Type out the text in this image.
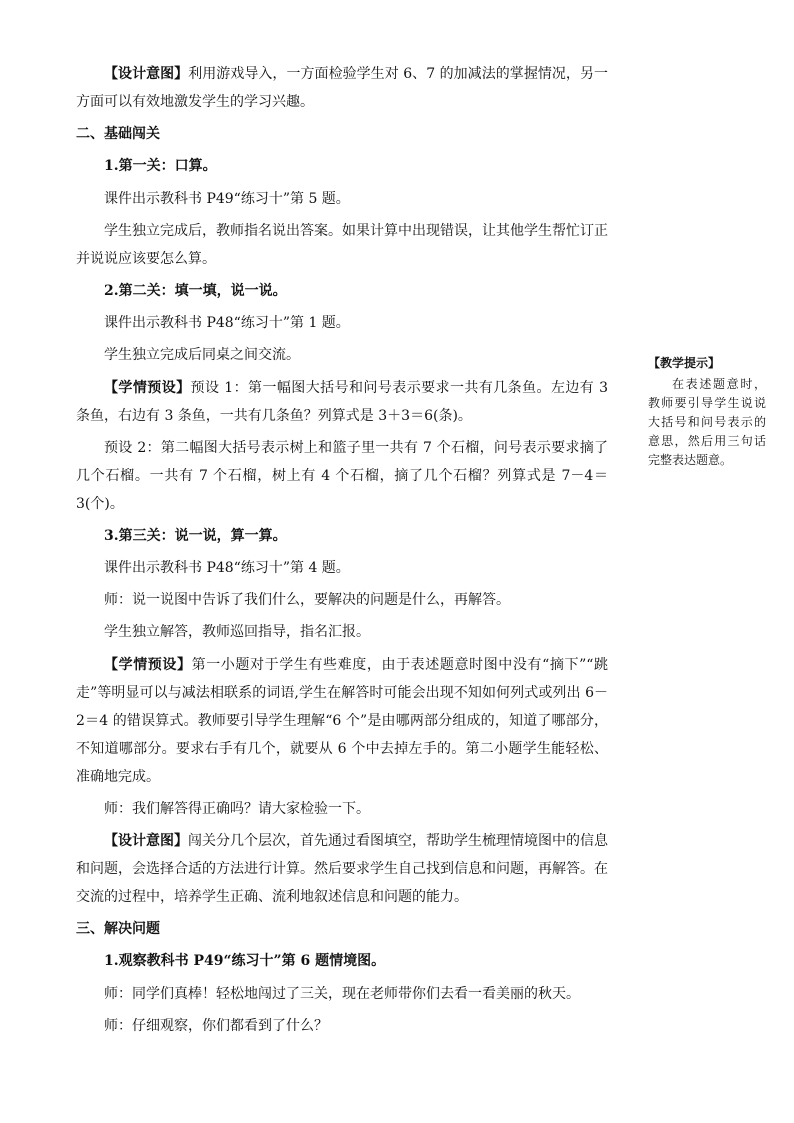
【设计意图】利用游戏导入，一方面检验学生对 6、7 的加减法的掌握情况，另一方面可以有效地激发学生的学习兴趣。

二、基础闯关

1.第一关：口算。

课件出示教科书 P49“练习十”第 5 题。

学生独立完成后，教师指名说出答案。如果计算中出现错误，让其他学生帮忙订正并说说应该要怎么算。

2.第二关：填一填，说一说。

课件出示教科书 P48“练习十”第 1 题。

学生独立完成后同桌之间交流。

【学情预设】预设 1：第一幅图大括号和问号表示要求一共有几条鱼。左边有 3 条鱼，右边有 3 条鱼，一共有几条鱼？列算式是 3＋3＝6(条)。

预设 2：第二幅图大括号表示树上和篮子里一共有 7 个石榴，问号表示要求摘了几个石榴。一共有 7 个石榴，树上有 4 个石榴，摘了几个石榴？列算式是 7－4＝3(个)。

3.第三关：说一说，算一算。

课件出示教科书 P48“练习十”第 4 题。

师：说一说图中告诉了我们什么，要解决的问题是什么，再解答。

学生独立解答，教师巡回指导，指名汇报。

【学情预设】第一小题对于学生有些难度，由于表述题意时图中没有“摘下”“跳走”等明显可以与减法相联系的词语,学生在解答时可能会出现不知如何列式或列出 6－2＝4 的错误算式。教师要引导学生理解“6 个”是由哪两部分组成的，知道了哪部分，不知道哪部分。要求右手有几个，就要从 6 个中去掉左手的。第二小题学生能轻松、准确地完成。

师：我们解答得正确吗？请大家检验一下。

【设计意图】闯关分几个层次，首先通过看图填空，帮助学生梳理情境图中的信息和问题，会选择合适的方法进行计算。然后要求学生自己找到信息和问题，再解答。在交流的过程中，培养学生正确、流利地叙述信息和问题的能力。

三、解决问题

1.观察教科书 P49“练习十”第 6 题情境图。

师：同学们真棒！轻松地闯过了三关，现在老师带你们去看一看美丽的秋天。

师：仔细观察，你们都看到了什么？

【教学提示】

在表述题意时，教师要引导学生说说大括号和问号表示的意思，然后用三句话完整表达题意。
